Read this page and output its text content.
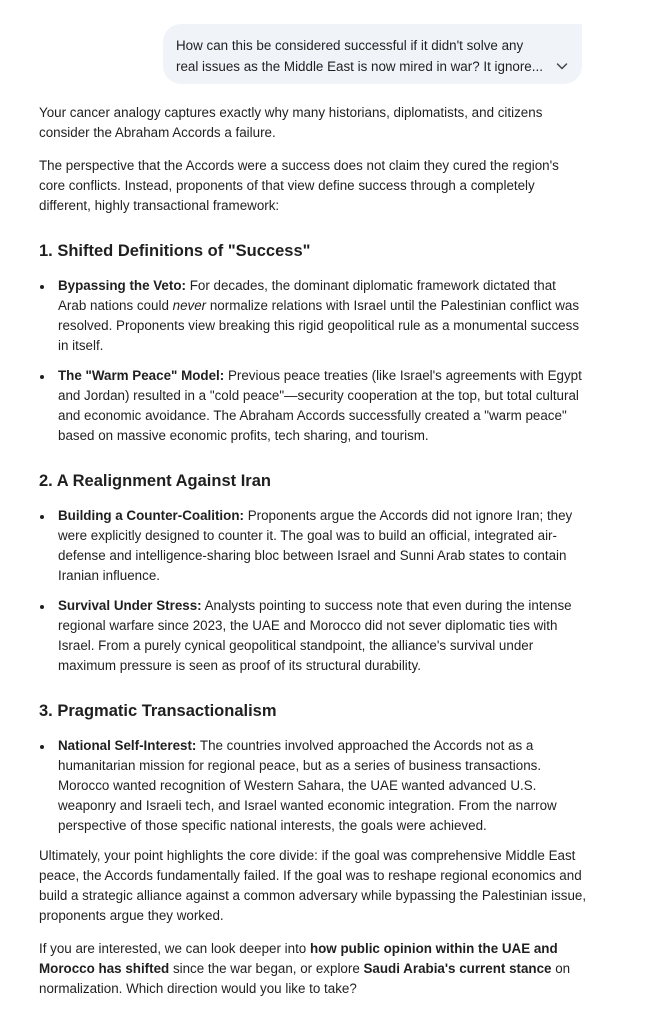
How can this be considered successful if it didn't solve any
real issues as the Middle East is now mired in war? It ignore...

Your cancer analogy captures exactly why many historians, diplomatists, and citizens consider the Abraham Accords a failure.

The perspective that the Accords were a success does not claim they cured the region's core conflicts. Instead, proponents of that view define success through a completely different, highly transactional framework:

1. Shifted Definitions of "Success"
Bypassing the Veto: For decades, the dominant diplomatic framework dictated that Arab nations could never normalize relations with Israel until the Palestinian conflict was resolved. Proponents view breaking this rigid geopolitical rule as a monumental success in itself.
The "Warm Peace" Model: Previous peace treaties (like Israel's agreements with Egypt and Jordan) resulted in a "cold peace"—security cooperation at the top, but total cultural and economic avoidance. The Abraham Accords successfully created a "warm peace" based on massive economic profits, tech sharing, and tourism.
2. A Realignment Against Iran
Building a Counter-Coalition: Proponents argue the Accords did not ignore Iran; they were explicitly designed to counter it. The goal was to build an official, integrated air-defense and intelligence-sharing bloc between Israel and Sunni Arab states to contain Iranian influence.
Survival Under Stress: Analysts pointing to success note that even during the intense regional warfare since 2023, the UAE and Morocco did not sever diplomatic ties with Israel. From a purely cynical geopolitical standpoint, the alliance's survival under maximum pressure is seen as proof of its structural durability.
3. Pragmatic Transactionalism
National Self-Interest: The countries involved approached the Accords not as a humanitarian mission for regional peace, but as a series of business transactions. Morocco wanted recognition of Western Sahara, the UAE wanted advanced U.S. weaponry and Israeli tech, and Israel wanted economic integration. From the narrow perspective of those specific national interests, the goals were achieved.

Ultimately, your point highlights the core divide: if the goal was comprehensive Middle East peace, the Accords fundamentally failed. If the goal was to reshape regional economics and build a strategic alliance against a common adversary while bypassing the Palestinian issue, proponents argue they worked.

If you are interested, we can look deeper into how public opinion within the UAE and Morocco has shifted since the war began, or explore Saudi Arabia's current stance on normalization. Which direction would you like to take?
